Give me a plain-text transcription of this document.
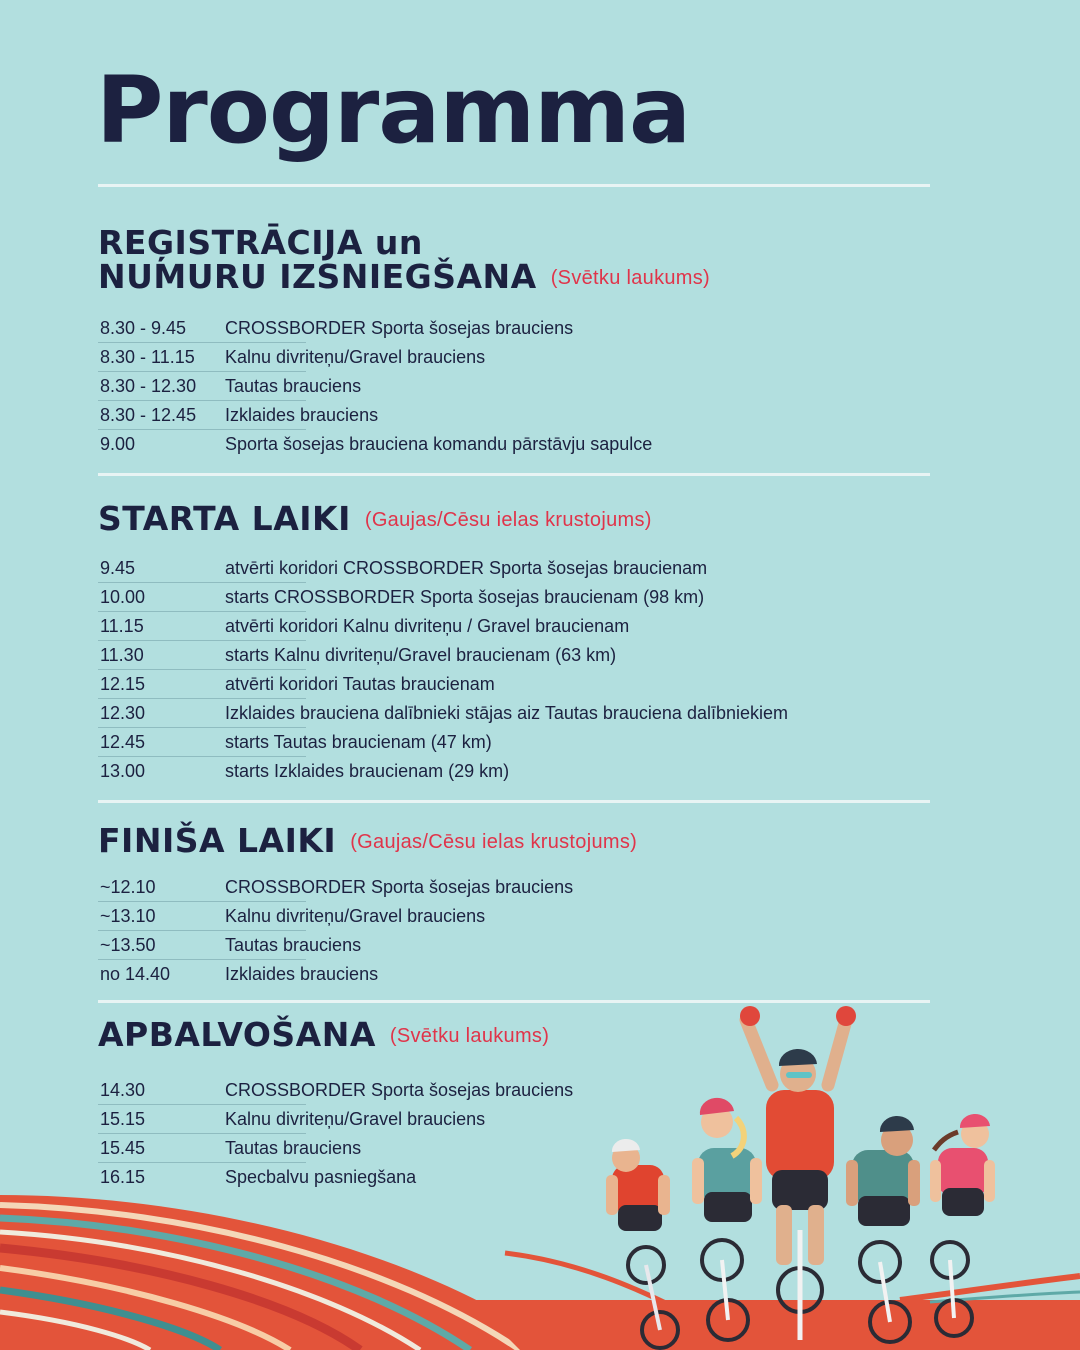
Programma
REĢISTRĀCIJA un
NUMURU IZSNIEGŠANA (Svētku laukums)
8.30 - 9.45	CROSSBORDER Sporta šosejas brauciens
8.30 - 11.15	Kalnu divriteņu/Gravel brauciens
8.30 - 12.30	Tautas brauciens
8.30 - 12.45	Izklaides brauciens
9.00	Sporta šosejas brauciena komandu pārstāvju sapulce
STARTA LAIKI (Gaujas/Cēsu ielas krustojums)
9.45	atvērti koridori CROSSBORDER Sporta šosejas braucienam
10.00	starts CROSSBORDER Sporta šosejas braucienam (98 km)
11.15	atvērti koridori Kalnu divriteņu / Gravel braucienam
11.30	starts Kalnu divriteņu/Gravel braucienam (63 km)
12.15	atvērti koridori Tautas braucienam
12.30	Izklaides brauciena dalībnieki stājas aiz Tautas brauciena dalībniekiem
12.45	starts Tautas braucienam (47 km)
13.00	starts Izklaides braucienam (29 km)
FINIŠA LAIKI (Gaujas/Cēsu ielas krustojums)
~12.10	CROSSBORDER Sporta šosejas brauciens
~13.10	Kalnu divriteņu/Gravel brauciens
~13.50	Tautas brauciens
no 14.40	Izklaides brauciens
APBALVOŠANA (Svētku laukums)
14.30	CROSSBORDER Sporta šosejas brauciens
15.15	Kalnu divriteņu/Gravel brauciens
15.45	Tautas brauciens
16.15	Specbalvu pasniegšana
